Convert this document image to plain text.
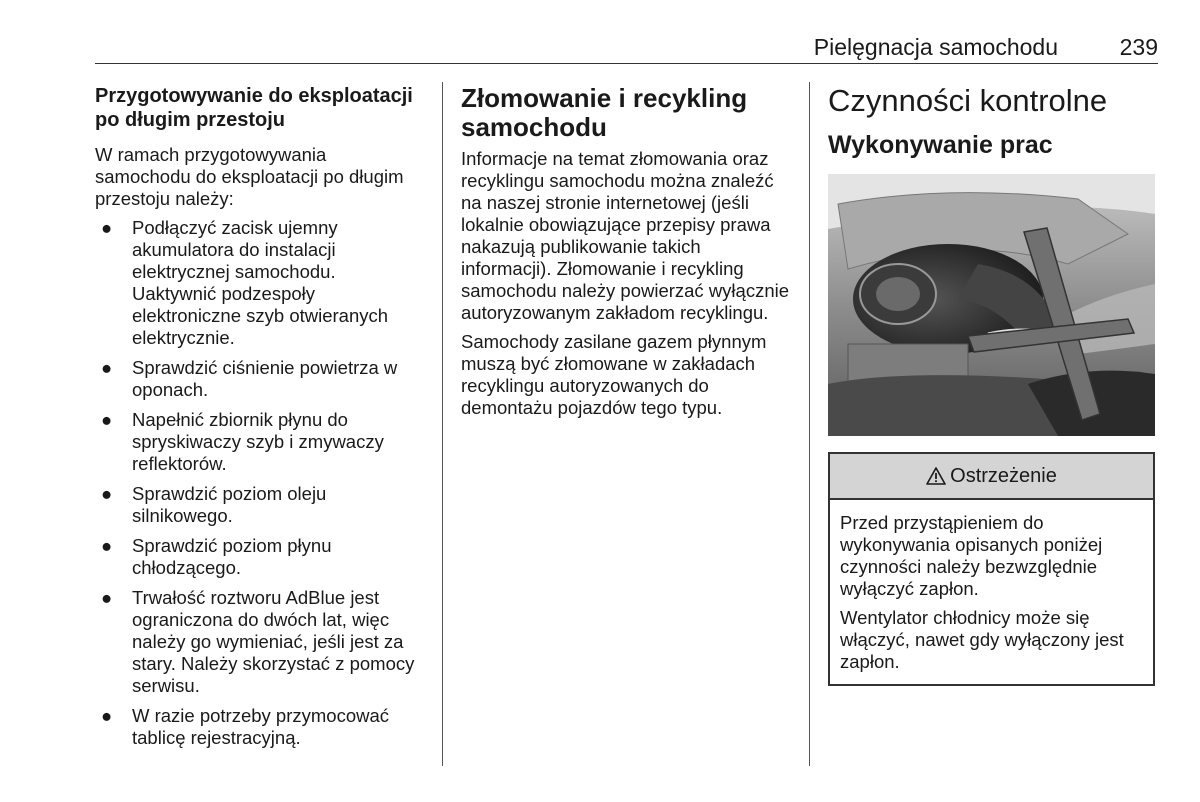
Pielęgnacja samochodu	239
Przygotowywanie do eksploatacji po długim przestoju

W ramach przygotowywania samochodu do eksploatacji po długim przestoju należy:

● Podłączyć zacisk ujemny akumulatora do instalacji elektrycznej samochodu. Uaktywnić podzespoły elektroniczne szyb otwieranych elektrycznie.
● Sprawdzić ciśnienie powietrza w oponach.
● Napełnić zbiornik płynu do spryskiwaczy szyb i zmywaczy reflektorów.
● Sprawdzić poziom oleju silnikowego.
● Sprawdzić poziom płynu chłodzącego.
● Trwałość roztworu AdBlue jest ograniczona do dwóch lat, więc należy go wymieniać, jeśli jest za stary. Należy skorzystać z pomocy serwisu.
● W razie potrzeby przymocować tablicę rejestracyjną.
Złomowanie i recykling samochodu

Informacje na temat złomowania oraz recyklingu samochodu można znaleźć na naszej stronie internetowej (jeśli lokalnie obowiązujące przepisy prawa nakazują publikowanie takich informacji). Złomowanie i recykling samochodu należy powierzać wyłącznie autoryzowanym zakładom recyklingu.

Samochody zasilane gazem płynnym muszą być złomowane w zakładach recyklingu autoryzowanych do demontażu pojazdów tego typu.

Czynności kontrolne
Wykonywanie prac
Ostrzeżenie

Przed przystąpieniem do wykonywania opisanych poniżej czynności należy bezwzględnie wyłączyć zapłon.

Wentylator chłodnicy może się włączyć, nawet gdy wyłączony jest zapłon.
